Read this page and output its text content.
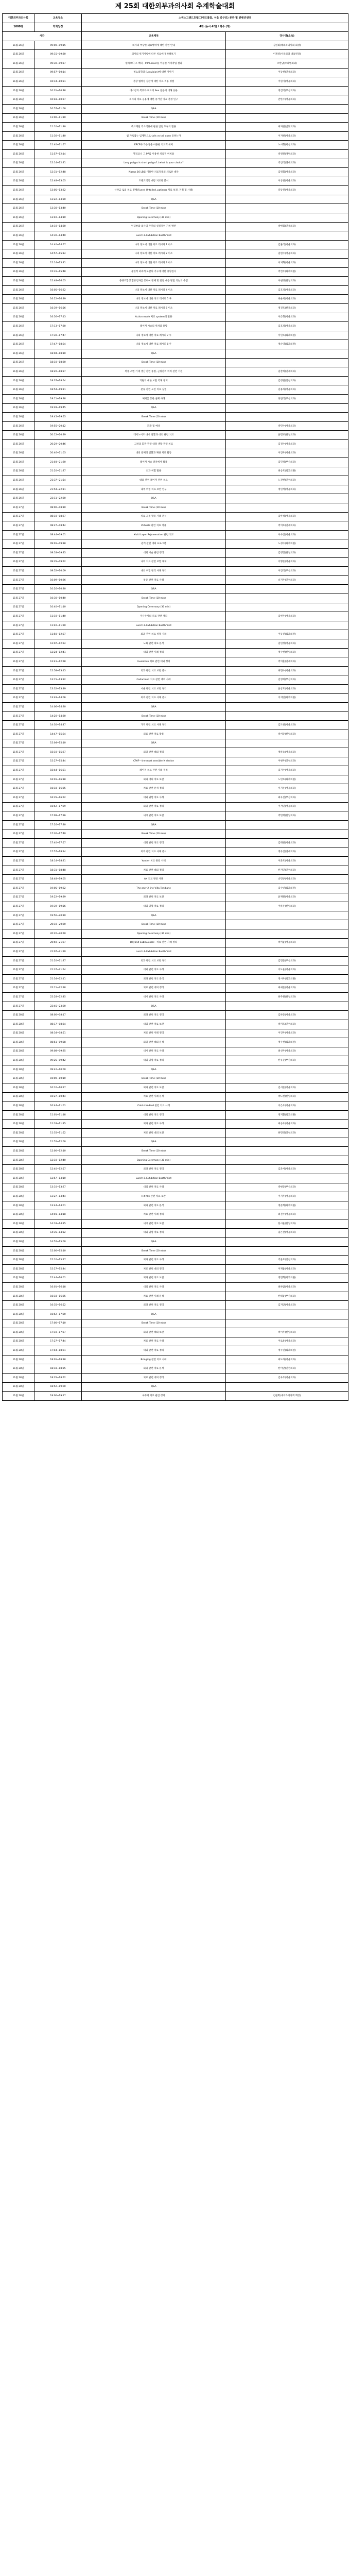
제 25회 대한외부과의사회 추계학술대회
대한외부과의사회	교육장소	스위스그랜드호텔(그랜드볼룸, 서울 중구로) 본관 및 컨벤션센터	
1000명	학회일정	4개 (동시 4개) / 평수 (개)	
시간		교육제목	강사명(소속)
11월 26일	09:00~09:15	의사의 부당한 의료행위에 대한 관련 안내	김원회(대외과의사회 회장)
11월 26일	09:15~09:30	의사의 위기사항에 따른 치료에 정착해보기	이재영(서울외과 대표원장)
11월 26일	09:30~09:57	헬리코니 그 백피 - PIP Lesser를 이용한 가치작업 결과	조현남(오래벨외과)
11월 26일	09:57~10:14	비뇨의학과 (Urovision)에 대한 이야기	이동현(연세외과)
11월 26일	10:14~10:31	결장 협착성 질환에 대한 치료 적용 경험	이원기(서울외과)
11월 26일	10:31~10:48	대소장의 복부와 미드의 Sea 질문의 대해 응용	정진억(부산외과)
11월 26일	10:48~10:57	의사의 치료 응용에 대한 증거인 잉크 결정 연구	만한수(서울외과)
11월 26일	10:57~11:00	Q&A	
11월 26일	11:00~11:10	Break Time (10 min)	
11월 26일	11:10~11:30	폭료계단 역소적용에 관한 안전 도구의 활용	최지현(밤빛외과)
11월 26일	11:30~11:40	첨 가로잡는 임계면으로 (alls vs tail open 동하는가	이지현(서울외과)
11월 26일	11:40~11:57	ERCP와 가능성을 이용한 치료적 위치	노시형(미산외과)
11월 26일	11:57~12:14	헬리코니 그 PP를 이용한 치료적 위치와	박경원(경원외과)
11월 26일	12:14~12:31	Long polyps is short polyps? / what is your choice?	박인석(연세외과)
11월 26일	12:31~12:48	Naeus 16 LB를 이용한 치료적용의 새로운 대안	김원회(서울외과)
11월 26일	12:48~13:05	트렌드적인 대장 치료와 분석	이상현(서울외과)
11월 26일	13:05~13:22	신약금 로의 치료 진행(Funrel Unfailed, patients 치료 보전, 거취 및 사례)	강동원(서울외과)
11월 26일	13:22~13:30	Q&A	
11월 26일	13:30~13:40	Break Time (10 min)	
11월 26일	13:40~14:10	Opening Ceremony (30 min)	
11월 26일	14:10~14:30	인터뷰와 의사의 주인의 실질적인 가치 방안	박현회(연세외과)
11월 26일	14:30~14:40	Lunch & Exhibition Booth Visit	
11월 26일	14:40~14:57	나의 정보에 대한 치료 레시피 1 이소	김훈석(서울외과)
11월 26일	14:57~15:14	나의 정보에 대한 치료 레시피 2 이소	김현수(서울외과)
11월 26일	15:14~15:31	나의 정보에 대한 치료 레시피 3 이소	이치화(서울외과)
11월 26일	15:31~15:48	불한적 외과계 보완의 기구에 대한 종양검사	박진우(외과의원)
11월 26일	15:48~16:05	종양조합성 함유인자를 통하여 정해 및 잔질 대응 방법 의논의 수렴	이현경(한일외과)
11월 26일	16:05~16:22	나의 정보에 대한 치료 레시피 4 이소	김호석(서울외과)
11월 26일	16:22~16:39	나의 정보에 대한 치료 레시피 5 루	최순희(서울외과)
11월 26일	16:39~16:56	나의 정보에 대한 치료 레시피 6 이소	정진호(한국외과)
11월 26일	16:56~17:13	Action mode 치료 system의 활용	이은형(서울외과)
11월 26일	17:13~17:30	레이저 시술의 위치와 용량	김호석(서울외과)
11월 26일	17:30~17:47	나의 정보에 대한 치료 레시피 7 루	서민호(외과의원)
11월 26일	17:47~18:04	나의 정보에 대한 치료 레시피 8 루	정순영(외과의원)
11월 26일	18:04~18:10	Q&A	
11월 26일	18:10~18:20	Break Time (10 min)	
11월 26일	18:20~18:37	복통 소변 기대 생산 관련 중점, 근위관리 위치 관련 기원	김찬희(연세외과)
11월 26일	18:37~18:54	기원의 대한 보완 약제 정비	김정현(인천외과)
11월 26일	18:54~19:11	분류 관련 요인 치료 실험	김용하(서울외과)
11월 26일	19:11~19:28	체외를 통한 실패 사례	양연석(부산외과)
11월 26일	19:28~19:45	Q&A	
11월 26일	19:45~19:55	Break Time (10 min)	
11월 26일	19:55~20:12	환화 및 예상	박민수(서울외과)
11월 26일	20:12~20:29	레이노이드 내시 질환과 대외 관련 치료	윤민교(한일외과)
11월 26일	20:29~20:46	고려의 회관 관련 대장 생활 관련 치료	김경수(서울외과)
11월 26일	20:46~21:03	대외 문제의 질환과 제한 치료 활동	이진우(서울외과)
11월 26일	21:03~21:20	레이저 시술 위치에서 활용	김민석(부산외과)
11월 26일	21:20~21:37	외과 위험 활용	최승호(외과의원)
11월 26일	21:37~21:54	대외 관련 레이저 관련 치료	노진현(인천외과)
11월 26일	21:54~22:11	내부 위험 치료 보완 연구	정민석(서울외과)
11월 26일	22:11~22:30	Q&A	
11월 27일	08:00~08:10	Break Time (10 min)	
11월 27일	08:10~08:27	치료 그룹 활용 사례 분석	김한석(서울외과)
11월 27일	08:27~08:44	VirtualB 관련 치료 적용	박지호(연세외과)
11월 27일	08:44~09:01	Multi Layer Rejuvenation 관련 치료	이수진(서울외과)
11월 27일	09:01~09:18	관리 관련 대외 프로그램	노경수(외과의원)
11월 27일	09:18~09:35	대외 시술 관련 정리	김정민(한일외과)
11월 27일	09:35~09:52	나의 치료 관련 보험 체제	서형준(서울외과)
11월 27일	09:52~10:09	대외 위험 관리 사례 정리	이진석(부산외과)
11월 27일	10:09~10:26	통증 관련 치료 사례	송지우(인천외과)
11월 27일	10:26~10:30	Q&A	
11월 27일	10:30~10:40	Break Time (10 min)	
11월 27일	10:40~11:10	Opening Ceremony (30 min)	
11월 27일	11:10~11:40	주사주사의 치료 관련 정리	김현우(서울외과)
11월 27일	11:40~11:50	Lunch & Exhibition Booth Visit	
11월 27일	11:50~12:07	외과 관련 치료 위험 사례	이동진(외과의원)
11월 27일	12:07~12:24	노화 관련 의료 분석	김민정(서울외과)
11월 27일	12:24~12:41	대외 관련 사례 정리	정수현(한일외과)
11월 27일	12:41~12:58	Inventove 치료 관련 대외 정리	박지훈(연세외과)
11월 27일	12:58~13:15	외과 관련 치료 보완 분석	최민수(서울외과)
11월 27일	13:15~13:32	Codamond 치료 관련 대외 사례	김영희(부산외과)
11월 27일	13:32~13:49	시술 관련 치료 보완 정리	윤상호(서울외과)
11월 27일	13:49~14:06	외과 관련 치료 사례 분석	이지민(외과의원)
11월 27일	14:06~14:20	Q&A	
11월 27일	14:20~14:30	Break Time (10 min)	
11월 27일	14:30~14:47	가격 관련 치료 사례 정리	김도현(서울외과)
11월 27일	14:47~15:04	의료 관련 치료 활용	박서준(한일외과)
11월 27일	15:04~15:10	Q&A	
11월 27일	15:10~15:27	외과 관련 대외 정리	정하늘(서울외과)
11월 27일	15:27~15:44	CPAP - the most sensible M device	이현우(인천외과)
11월 27일	15:44~16:01	레이저 치료 관련 사례 정리	김지수(서울외과)
11월 27일	16:01~16:18	외과 대외 치료 보완	노민호(외과의원)
11월 27일	16:18~16:35	치료 관련 분석 정리	서지은(서울외과)
11월 27일	16:35~16:52	대외 위험 치료 사례	최우진(부산외과)
11월 27일	16:52~17:09	외과 관련 치료 정리	이서연(서울외과)
11월 27일	17:09~17:26	내시 관련 치료 보완	박민재(한일외과)
11월 27일	17:26~17:30	Q&A	
11월 27일	17:30~17:40	Break Time (10 min)	
11월 27일	17:40~17:57	대외 관련 치료 정리	김태현(서울외과)
11월 27일	17:57~18:14	외과 관련 치료 사례 분석	정유진(연세외과)
11월 27일	18:14~18:31	Yonder 치료 관련 사례	이준호(서울외과)
11월 27일	18:31~18:48	치료 관련 대외 정리	한지민(인천외과)
11월 27일	18:48~19:05	AK 치료 관련 사례	송민규(서울외과)
11월 27일	19:05~19:22	The only 2 line Villa Tendlane	김수빈(외과의원)
11월 27일	19:22~19:39	외과 관련 치료 보완	윤재원(서울외과)
11월 27일	19:39~19:56	대외 위험 치료 정리	이하은(한일외과)
11월 27일	19:56~20:10	Q&A	
11월 27일	20:10~20:20	Break Time (10 min)	
11월 27일	20:20~20:50	Opening Ceremony (30 min)	
11월 27일	20:50~21:07	Beyond Submucosal - 치료 관련 사례 정리	박서윤(서울외과)
11월 27일	21:07~21:20	Lunch & Exhibition Booth Visit	
11월 27일	21:20~21:37	외과 관련 치료 보완 정리	김민준(부산외과)
11월 27일	21:37~21:54	대외 관련 치료 사례	이도윤(서울외과)
11월 27일	21:54~22:11	외과 관련 치료 분석	정시우(외과의원)
11월 27일	22:11~22:28	치료 관련 대외 정리	최예준(서울외과)
11월 27일	22:28~22:45	내시 관련 치료 사례	한주원(한일외과)
11월 27일	22:45~23:00	Q&A	
11월 28일	08:00~08:17	외과 관련 치료 정리	김하준(서울외과)
11월 28일	08:17~08:34	대외 관련 치료 보완	박지호(인천외과)
11월 28일	08:34~08:51	치료 관련 사례 정리	이건우(서울외과)
11월 28일	08:51~09:08	외과 관련 대외 분석	정우현(외과의원)
11월 28일	09:08~09:25	내시 관련 치료 사례	최선우(서울외과)
11월 28일	09:25~09:42	대외 위험 치료 정리	한유준(부산외과)
11월 28일	09:42~10:00	Q&A	
11월 28일	10:00~10:10	Break Time (10 min)	
11월 28일	10:10~10:27	외과 관련 치료 보완	김서준(서울외과)
11월 28일	10:27~10:44	치료 관련 사례 분석	박도현(한일외과)
11월 28일	10:44~11:01	Cold standard 관련 치료 사례	이은우(서울외과)
11월 28일	11:01~11:18	대외 관련 치료 정리	정지환(외과의원)
11월 28일	11:18~11:35	외과 관련 치료 사례	최승우(서울외과)
11월 28일	11:35~11:52	치료 관련 대외 보완	한민성(인천외과)
11월 28일	11:52~12:00	Q&A	
11월 28일	12:00~12:10	Break Time (10 min)	
11월 28일	12:10~12:40	Opening Ceremony (30 min)	
11월 28일	12:40~12:57	외과 관련 치료 정리	김준서(서울외과)
11월 28일	12:57~13:10	Lunch & Exhibition Booth Visit	
11월 28일	13:10~13:27	대외 관련 치료 사례	박현준(부산외과)
11월 28일	13:27~13:44	Hit Mix 관련 치료 보완	이지후(서울외과)
11월 28일	13:44~14:01	외과 관련 치료 분석	정준혁(외과의원)
11월 28일	14:01~14:18	치료 관련 사례 정리	최진우(서울외과)
11월 28일	14:18~14:35	내시 관련 치료 보완	한시윤(한일외과)
11월 28일	14:35~14:52	대외 위험 치료 정리	김은찬(서울외과)
11월 28일	14:52~15:00	Q&A	
11월 28일	15:00~15:10	Break Time (10 min)	
11월 28일	15:10~15:27	외과 관련 치료 사례	박윤호(인천외과)
11월 28일	15:27~15:44	치료 관련 대외 정리	이재윤(서울외과)
11월 28일	15:44~16:01	외과 관련 치료 보완	정민혁(외과의원)
11월 28일	16:01~16:18	대외 관련 치료 사례	최하람(서울외과)
11월 28일	16:18~16:35	치료 관련 사례 분석	한태윤(부산외과)
11월 28일	16:35~16:52	외과 관련 치료 정리	김지안(서울외과)
11월 28일	16:52~17:00	Q&A	
11월 28일	17:00~17:10	Break Time (10 min)	
11월 28일	17:10~17:27	외과 관련 대외 보완	박시후(한일외과)
11월 28일	17:27~17:44	치료 관련 치료 사례	이로운(서울외과)
11월 28일	17:44~18:01	대외 관련 치료 정리	정우빈(외과의원)
11월 28일	18:01~18:18	Bringing 관련 치료 사례	최도하(서울외과)
11월 28일	18:18~18:35	외과 관련 치료 분석	한이안(인천외과)
11월 28일	18:35~18:52	치료 관련 대외 정리	김우주(서울외과)
11월 28일	18:52~19:00	Q&A	
11월 28일	19:00~19:17	마무리 치료 관련 정리	김원회(대외과의사회 회장)
